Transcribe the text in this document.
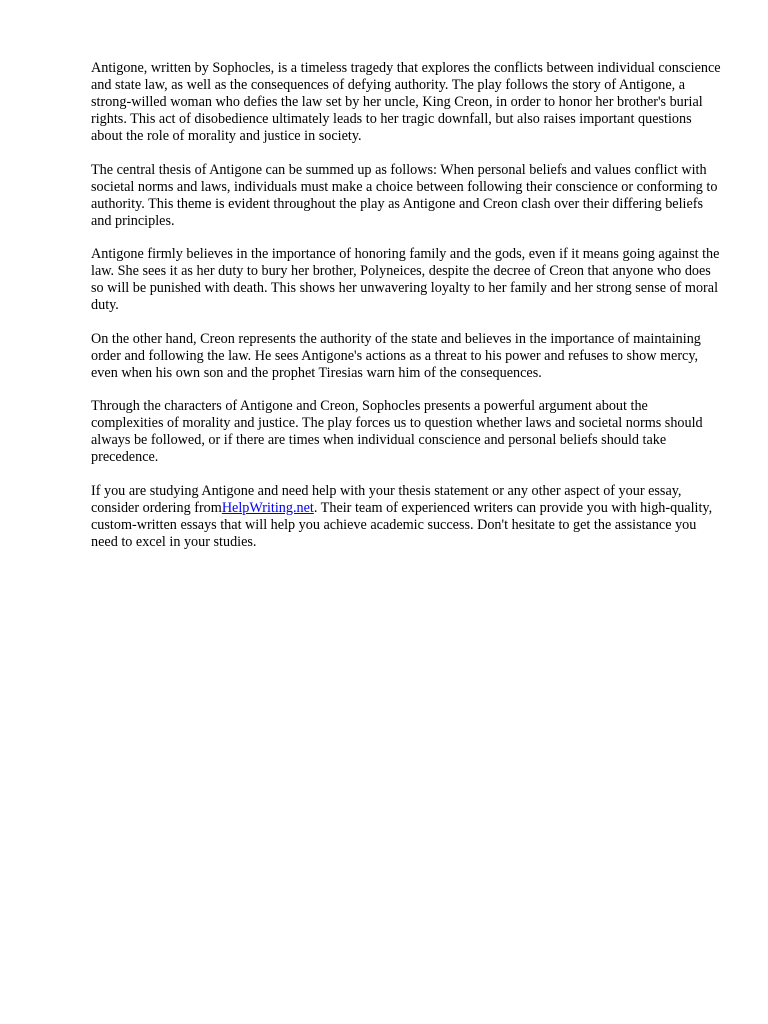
Antigone, written by Sophocles, is a timeless tragedy that explores the conflicts between individual conscience and state law, as well as the consequences of defying authority. The play follows the story of Antigone, a strong-willed woman who defies the law set by her uncle, King Creon, in order to honor her brother's burial rights. This act of disobedience ultimately leads to her tragic downfall, but also raises important questions about the role of morality and justice in society.

The central thesis of Antigone can be summed up as follows: When personal beliefs and values conflict with societal norms and laws, individuals must make a choice between following their conscience or conforming to authority. This theme is evident throughout the play as Antigone and Creon clash over their differing beliefs and principles.

Antigone firmly believes in the importance of honoring family and the gods, even if it means going against the law. She sees it as her duty to bury her brother, Polyneices, despite the decree of Creon that anyone who does so will be punished with death. This shows her unwavering loyalty to her family and her strong sense of moral duty.

On the other hand, Creon represents the authority of the state and believes in the importance of maintaining order and following the law. He sees Antigone's actions as a threat to his power and refuses to show mercy, even when his own son and the prophet Tiresias warn him of the consequences.

Through the characters of Antigone and Creon, Sophocles presents a powerful argument about the complexities of morality and justice. The play forces us to question whether laws and societal norms should always be followed, or if there are times when individual conscience and personal beliefs should take precedence.

If you are studying Antigone and need help with your thesis statement or any other aspect of your essay, consider ordering fromHelpWriting.net. Their team of experienced writers can provide you with high-quality, custom-written essays that will help you achieve academic success. Don't hesitate to get the assistance you need to excel in your studies.
